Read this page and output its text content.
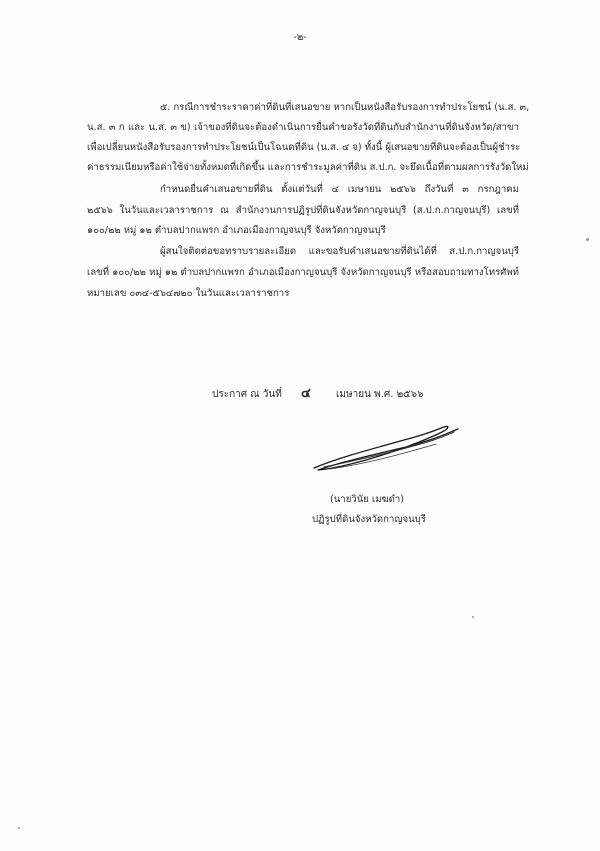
-๒-
๕. กรณีการชำระราคาค่าที่ดินที่เสนอขาย หากเป็นหนังสือรับรองการทำประโยชน์ (น.ส. ๓,
น.ส. ๓ ก และ น.ส. ๓ ข) เจ้าของที่ดินจะต้องดำเนินการยื่นคำขอรังวัดที่ดินกับสำนักงานที่ดินจังหวัด/สาขา
เพื่อเปลี่ยนหนังสือรับรองการทำประโยชน์เป็นโฉนดที่ดิน (น.ส. ๔ จ) ทั้งนี้ ผู้เสนอขายที่ดินจะต้องเป็นผู้ชำระ
ค่าธรรมเนียมหรือค่าใช้จ่ายทั้งหมดที่เกิดขึ้น และการชำระมูลค่าที่ดิน ส.ป.ก. จะยึดเนื้อที่ตามผลการรังวัดใหม่
กำหนดยื่นคำเสนอขายที่ดิน ตั้งแต่วันที่ ๔ เมษายน ๒๕๖๖ ถึงวันที่ ๓ กรกฎาคม
๒๕๖๖ ในวันและเวลาราชการ ณ สำนักงานการปฏิรูปที่ดินจังหวัดกาญจนบุรี (ส.ป.ก.กาญจนบุรี) เลขที่
๑๐๐/๒๒ หมู่ ๑๒ ตำบลปากแพรก อำเภอเมืองกาญจนบุรี จังหวัดกาญจนบุรี
ผู้สนใจติดต่อขอทราบรายละเอียด และขอรับคำเสนอขายที่ดินได้ที่ ส.ป.ก.กาญจนบุรี
เลขที่ ๑๐๐/๒๒ หมู่ ๑๒ ตำบลปากแพรก อำเภอเมืองกาญจนบุรี จังหวัดกาญจนบุรี หรือสอบถามทางโทรศัพท์
หมายเลข ๐๓๔-๕๖๔๗๒๐ ในวันและเวลาราชการ
ประกาศ ณ วันที่ ๔	เมษายน พ.ศ. ๒๕๖๖
(นายวินัย เมฆดำ)
ปฏิรูปที่ดินจังหวัดกาญจนบุรี
